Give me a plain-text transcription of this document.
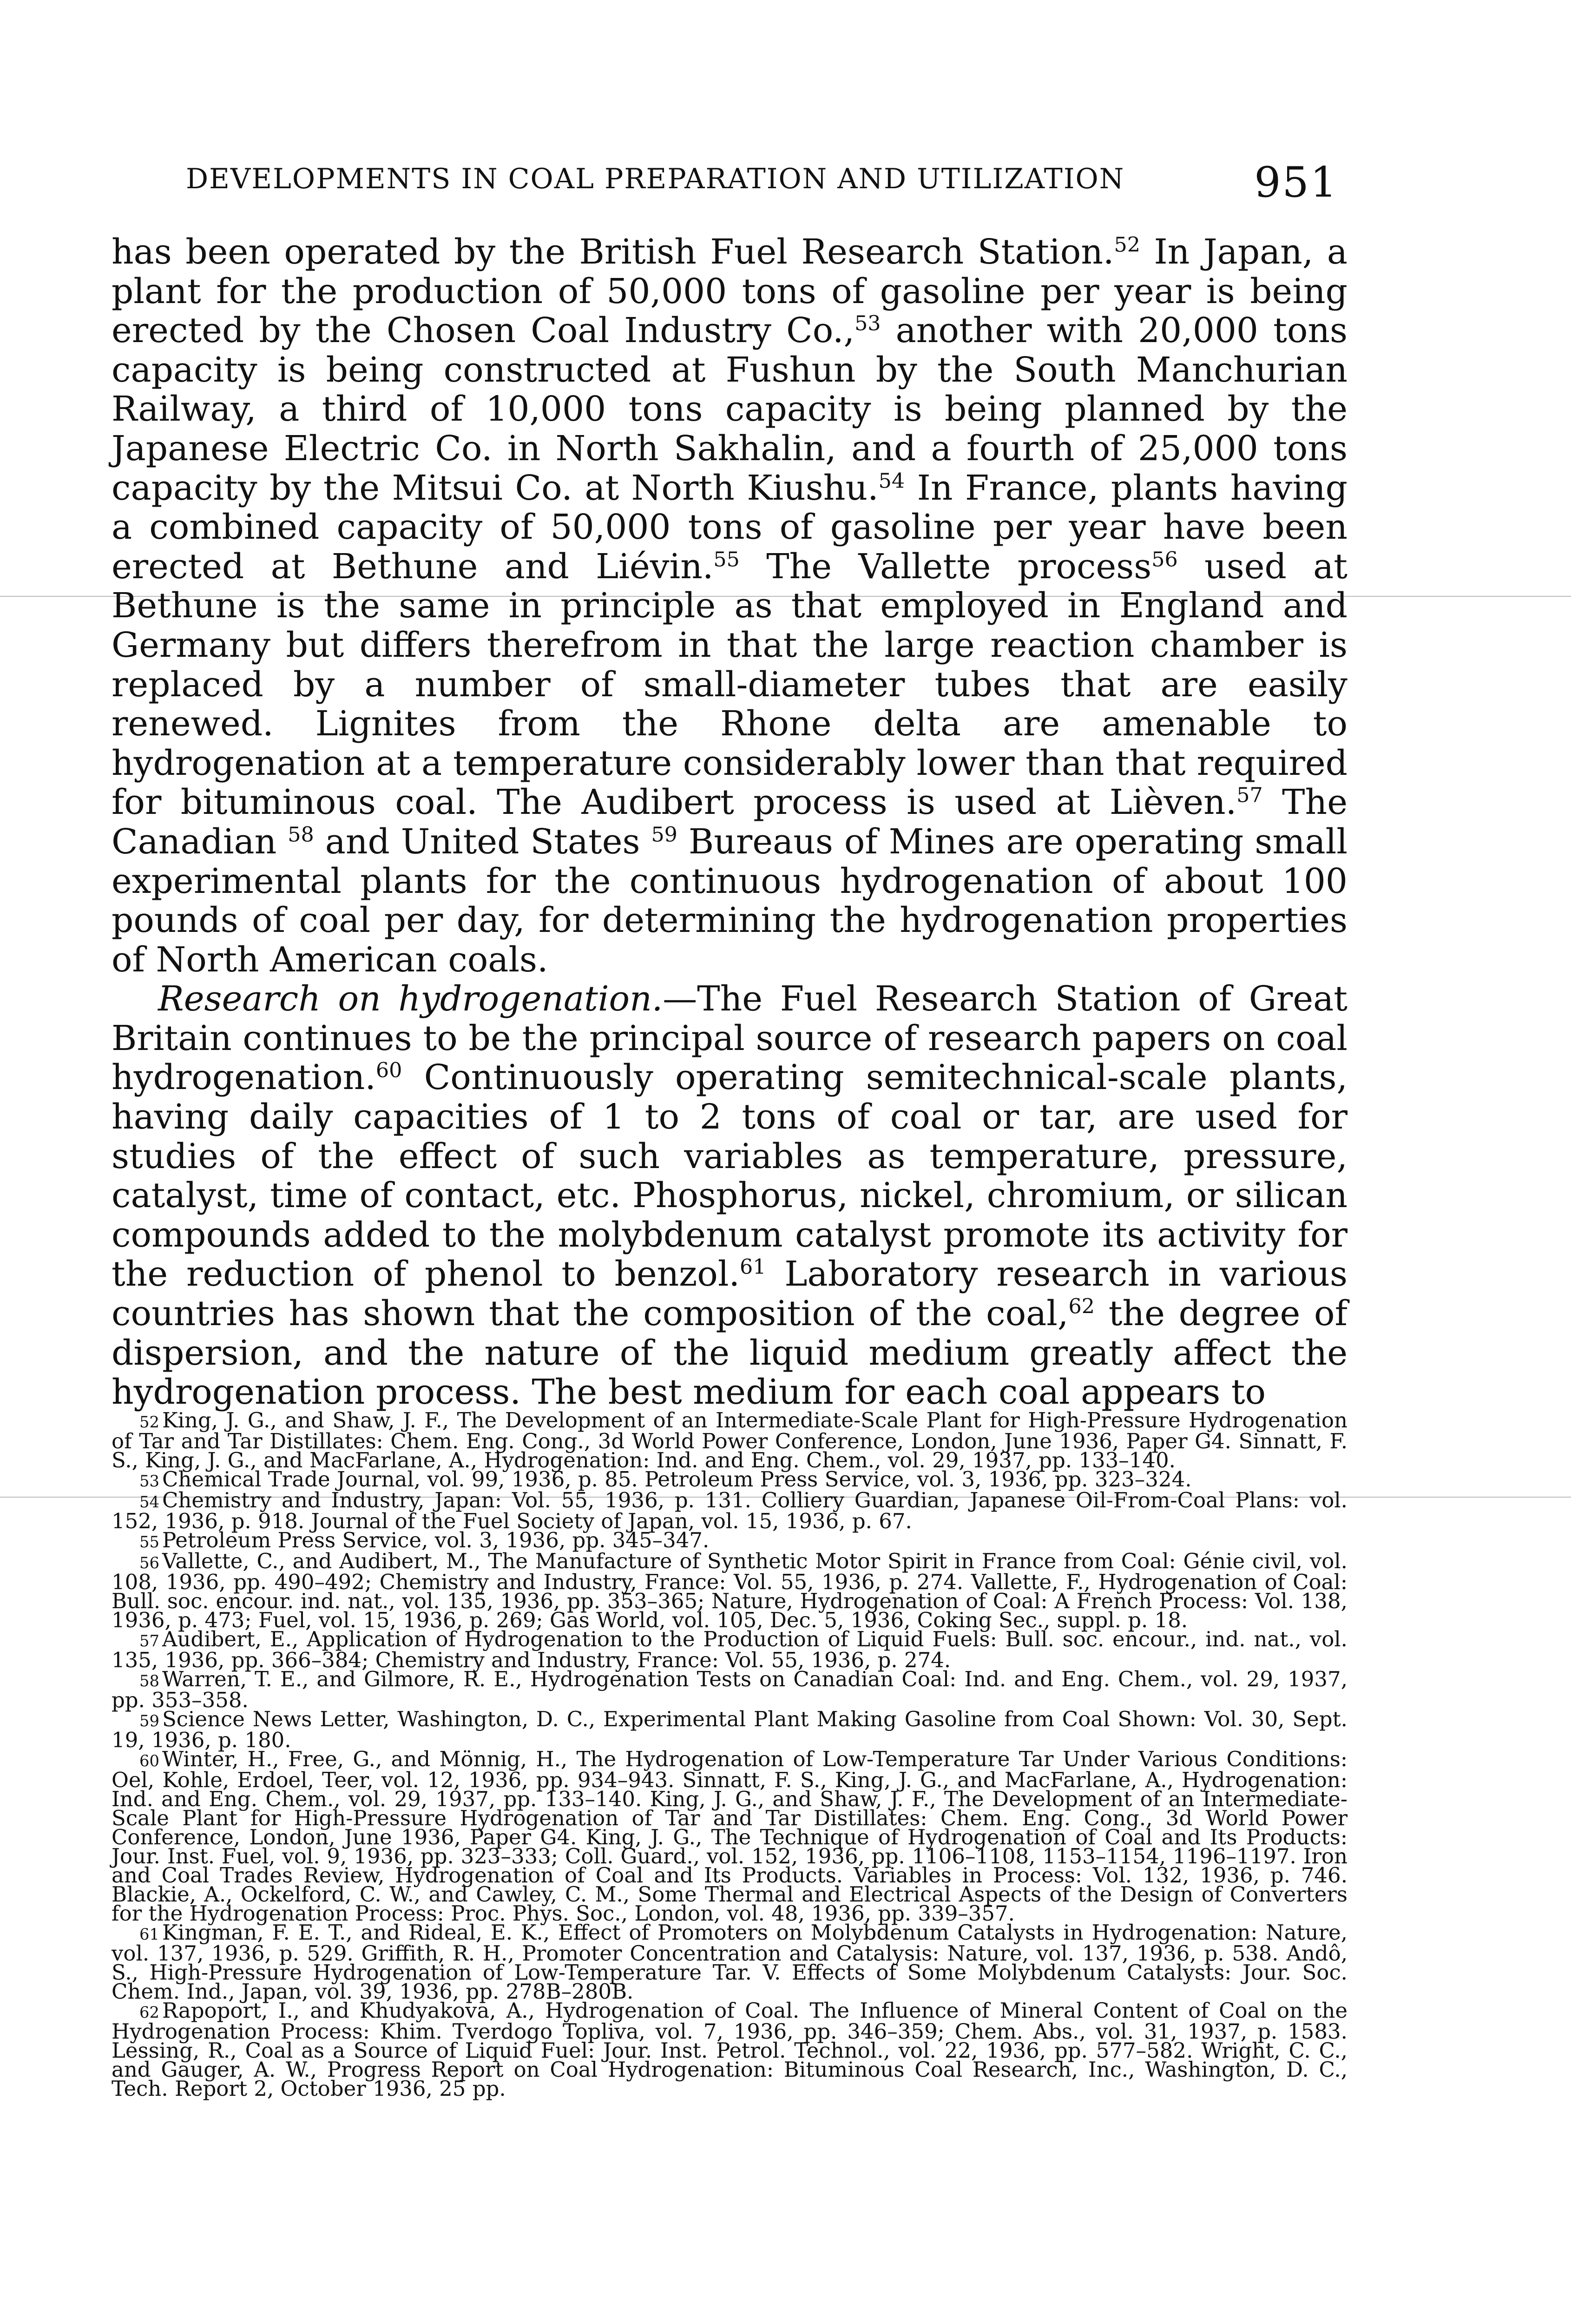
DEVELOPMENTS IN COAL PREPARATION AND UTILIZATION	951

has been operated by the British Fuel Research Station.$^{52}$ In Japan, a plant for the production of 50,000 tons of gasoline per year is being erected by the Chosen Coal Industry Co.,$^{53}$ another with 20,000 tons capacity is being constructed at Fushun by the South Manchurian Railway, a third of 10,000 tons capacity is being planned by the Japanese Electric Co. in North Sakhalin, and a fourth of 25,000 tons capacity by the Mitsui Co. at North Kiushu.$^{54}$ In France, plants having a combined capacity of 50,000 tons of gasoline per year have been erected at Bethune and Liévin.$^{55}$ The Vallette process$^{56}$ used at Bethune is the same in principle as that employed in England and Germany but differs therefrom in that the large reaction chamber is replaced by a number of small-diameter tubes that are easily renewed. Lignites from the Rhone delta are amenable to hydrogenation at a temperature considerably lower than that required for bituminous coal. The Audibert process is used at Lièven.$^{57}$ The Canadian $^{58}$ and United States $^{59}$ Bureaus of Mines are operating small experimental plants for the continuous hydrogenation of about 100 pounds of coal per day, for determining the hydrogenation properties of North American coals.

Research on hydrogenation.—The Fuel Research Station of Great Britain continues to be the principal source of research papers on coal hydrogenation.$^{60}$ Continuously operating semitechnical-scale plants, having daily capacities of 1 to 2 tons of coal or tar, are used for studies of the effect of such variables as temperature, pressure, catalyst, time of contact, etc. Phosphorus, nickel, chromium, or silican compounds added to the molybdenum catalyst promote its activity for the reduction of phenol to benzol.$^{61}$ Laboratory research in various countries has shown that the composition of the coal,$^{62}$ the degree of dispersion, and the nature of the liquid medium greatly affect the hydrogenation process. The best medium for each coal appears to

52 King, J. G., and Shaw, J. F., The Development of an Intermediate-Scale Plant for High-Pressure Hydrogenation of Tar and Tar Distillates: Chem. Eng. Cong., 3d World Power Conference, London, June 1936, Paper G4. Sinnatt, F. S., King, J. G., and MacFarlane, A., Hydrogenation: Ind. and Eng. Chem., vol. 29, 1937, pp. 133–140.

53 Chemical Trade Journal, vol. 99, 1936, p. 85. Petroleum Press Service, vol. 3, 1936, pp. 323–324.

54 Chemistry and Industry, Japan: Vol. 55, 1936, p. 131. Colliery Guardian, Japanese Oil-From-Coal Plans: vol. 152, 1936, p. 918. Journal of the Fuel Society of Japan, vol. 15, 1936, p. 67.

55 Petroleum Press Service, vol. 3, 1936, pp. 345–347.

56 Vallette, C., and Audibert, M., The Manufacture of Synthetic Motor Spirit in France from Coal: Génie civil, vol. 108, 1936, pp. 490–492; Chemistry and Industry, France: Vol. 55, 1936, p. 274. Vallette, F., Hydrogenation of Coal: Bull. soc. encour. ind. nat., vol. 135, 1936, pp. 353–365; Nature, Hydrogenation of Coal: A French Process: Vol. 138, 1936, p. 473; Fuel, vol. 15, 1936, p. 269; Gas World, vol. 105, Dec. 5, 1936, Coking Sec., suppl. p. 18.

57 Audibert, E., Application of Hydrogenation to the Production of Liquid Fuels: Bull. soc. encour., ind. nat., vol. 135, 1936, pp. 366–384; Chemistry and Industry, France: Vol. 55, 1936, p. 274.

58 Warren, T. E., and Gilmore, R. E., Hydrogenation Tests on Canadian Coal: Ind. and Eng. Chem., vol. 29, 1937, pp. 353–358.

59 Science News Letter, Washington, D. C., Experimental Plant Making Gasoline from Coal Shown: Vol. 30, Sept. 19, 1936, p. 180.

60 Winter, H., Free, G., and Mönnig, H., The Hydrogenation of Low-Temperature Tar Under Various Conditions: Oel, Kohle, Erdoel, Teer, vol. 12, 1936, pp. 934–943. Sinnatt, F. S., King, J. G., and MacFarlane, A., Hydrogenation: Ind. and Eng. Chem., vol. 29, 1937, pp. 133–140. King, J. G., and Shaw, J. F., The Development of an Intermediate-Scale Plant for High-Pressure Hydrogenation of Tar and Tar Distillates: Chem. Eng. Cong., 3d World Power Conference, London, June 1936, Paper G4. King, J. G., The Technique of Hydrogenation of Coal and Its Products: Jour. Inst. Fuel, vol. 9, 1936, pp. 323–333; Coll. Guard., vol. 152, 1936, pp. 1106–1108, 1153–1154, 1196–1197. Iron and Coal Trades Review, Hydrogenation of Coal and Its Products. Variables in Process: Vol. 132, 1936, p. 746. Blackie, A., Ockelford, C. W., and Cawley, C. M., Some Thermal and Electrical Aspects of the Design of Converters for the Hydrogenation Process: Proc. Phys. Soc., London, vol. 48, 1936, pp. 339–357.

61 Kingman, F. E. T., and Rideal, E. K., Effect of Promoters on Molybdenum Catalysts in Hydrogenation: Nature, vol. 137, 1936, p. 529. Griffith, R. H., Promoter Concentration and Catalysis: Nature, vol. 137, 1936, p. 538. Andô, S., High-Pressure Hydrogenation of Low-Temperature Tar. V. Effects of Some Molybdenum Catalysts: Jour. Soc. Chem. Ind., Japan, vol. 39, 1936, pp. 278B–280B.

62 Rapoport, I., and Khudyakova, A., Hydrogenation of Coal. The Influence of Mineral Content of Coal on the Hydrogenation Process: Khim. Tverdogo Topliva, vol. 7, 1936, pp. 346–359; Chem. Abs., vol. 31, 1937, p. 1583. Lessing, R., Coal as a Source of Liquid Fuel: Jour. Inst. Petrol. Technol., vol. 22, 1936, pp. 577–582. Wright, C. C., and Gauger, A. W., Progress Report on Coal Hydrogenation: Bituminous Coal Research, Inc., Washington, D. C., Tech. Report 2, October 1936, 25 pp.
